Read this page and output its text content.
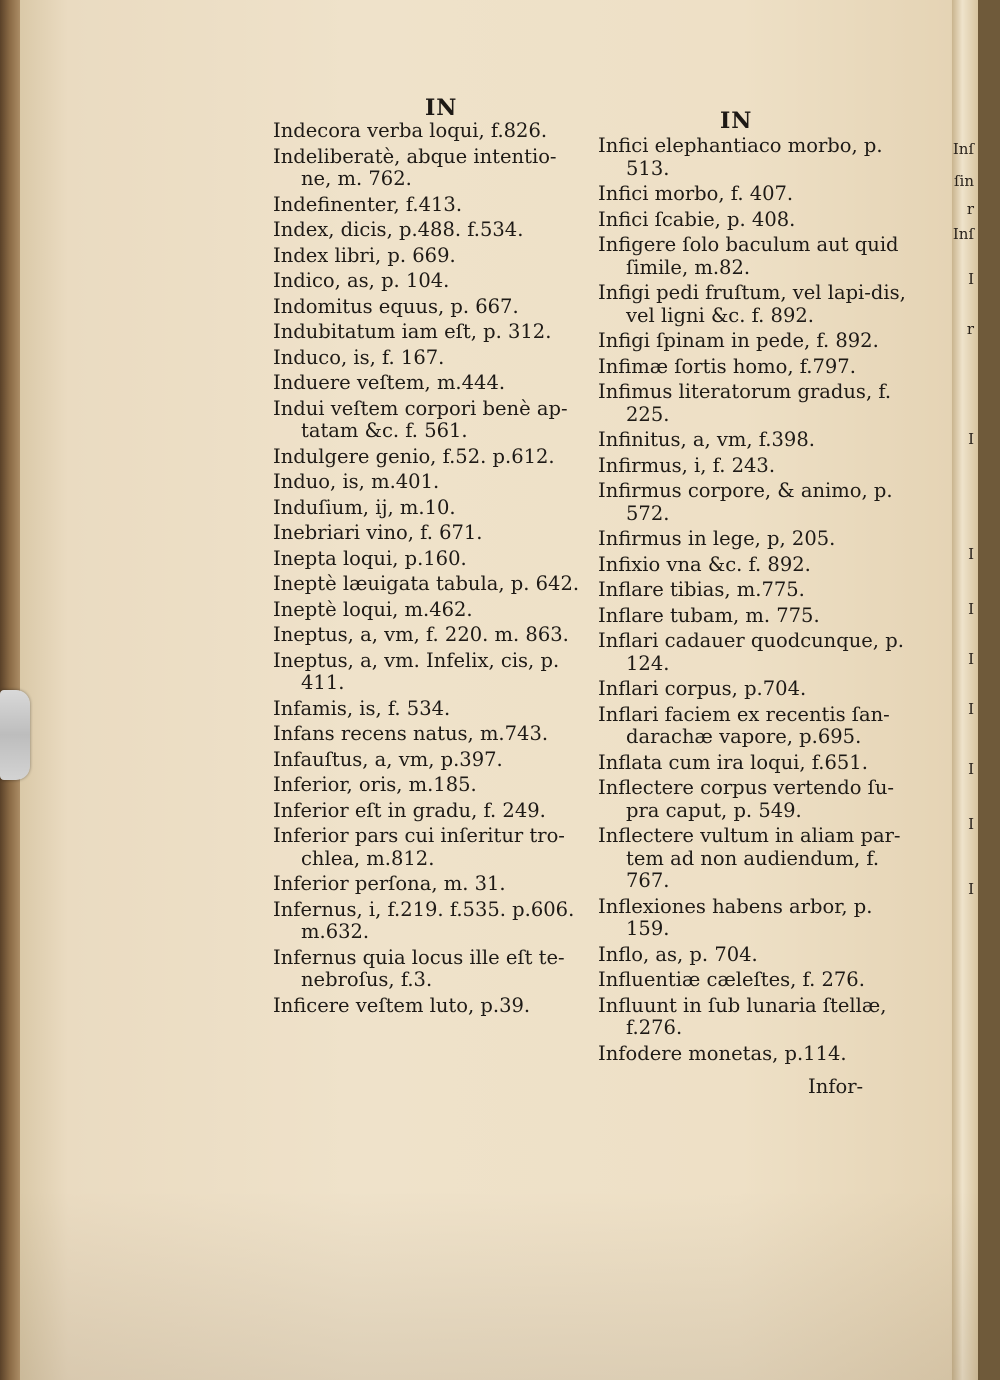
Inſ
ſin
r
Inſ
I
r
I
I
I
I
I
I
I
I
IN	IN
Indecora verba loqui, f.826.
Indeliberatè, abque intentio-ne, m. 762.
Indefinenter, f.413.
Index, dicis, p.488. f.534.
Index libri, p. 669.
Indico, as, p. 104.
Indomitus equus, p. 667.
Indubitatum iam eſt, p. 312.
Induco, is, f. 167.
Induere veſtem, m.444.
Indui veſtem corpori benè ap-tatam &c. f. 561.
Indulgere genio, f.52. p.612.
Induo, is, m.401.
Induſium, ij, m.10.
Inebriari vino, f. 671.
Inepta loqui, p.160.
Ineptè læuigata tabula, p. 642.
Ineptè loqui, m.462.
Ineptus, a, vm, f. 220. m. 863.
Ineptus, a, vm. Infelix, cis, p. 411.
Infamis, is, f. 534.
Infans recens natus, m.743.
Infauſtus, a, vm, p.397.
Inferior, oris, m.185.
Inferior eſt in gradu, f. 249.
Inferior pars cui inſeritur tro-chlea, m.812.
Inferior perſona, m. 31.
Infernus, i, f.219. f.535. p.606. m.632.
Infernus quia locus ille eſt te-nebroſus, f.3.
Inficere veſtem luto, p.39.
Infici elephantiaco morbo, p. 513.
Infici morbo, f. 407.
Infici ſcabie, p. 408.
Infigere ſolo baculum aut quid ſimile, m.82.
Infigi pedi fruſtum, vel lapi-dis, vel ligni &c. f. 892.
Infigi ſpinam in pede, f. 892.
Infimæ ſortis homo, f.797.
Infimus literatorum gradus, f. 225.
Infinitus, a, vm, f.398.
Infirmus, i, f. 243.
Infirmus corpore, & animo, p. 572.
Infirmus in lege, p, 205.
Infixio vna &c. f. 892.
Inflare tibias, m.775.
Inflare tubam, m. 775.
Inflari cadauer quodcunque, p. 124.
Inflari corpus, p.704.
Inflari faciem ex recentis ſan-darachæ vapore, p.695.
Inflata cum ira loqui, f.651.
Inflectere corpus vertendo ſu-pra caput, p. 549.
Inflectere vultum in aliam par-tem ad non audiendum, f. 767.
Inflexiones habens arbor, p. 159.
Inflo, as, p. 704.
Influentiæ cæleſtes, f. 276.
Influunt in ſub lunaria ſtellæ, f.276.
Infodere monetas, p.114.
Infor-
